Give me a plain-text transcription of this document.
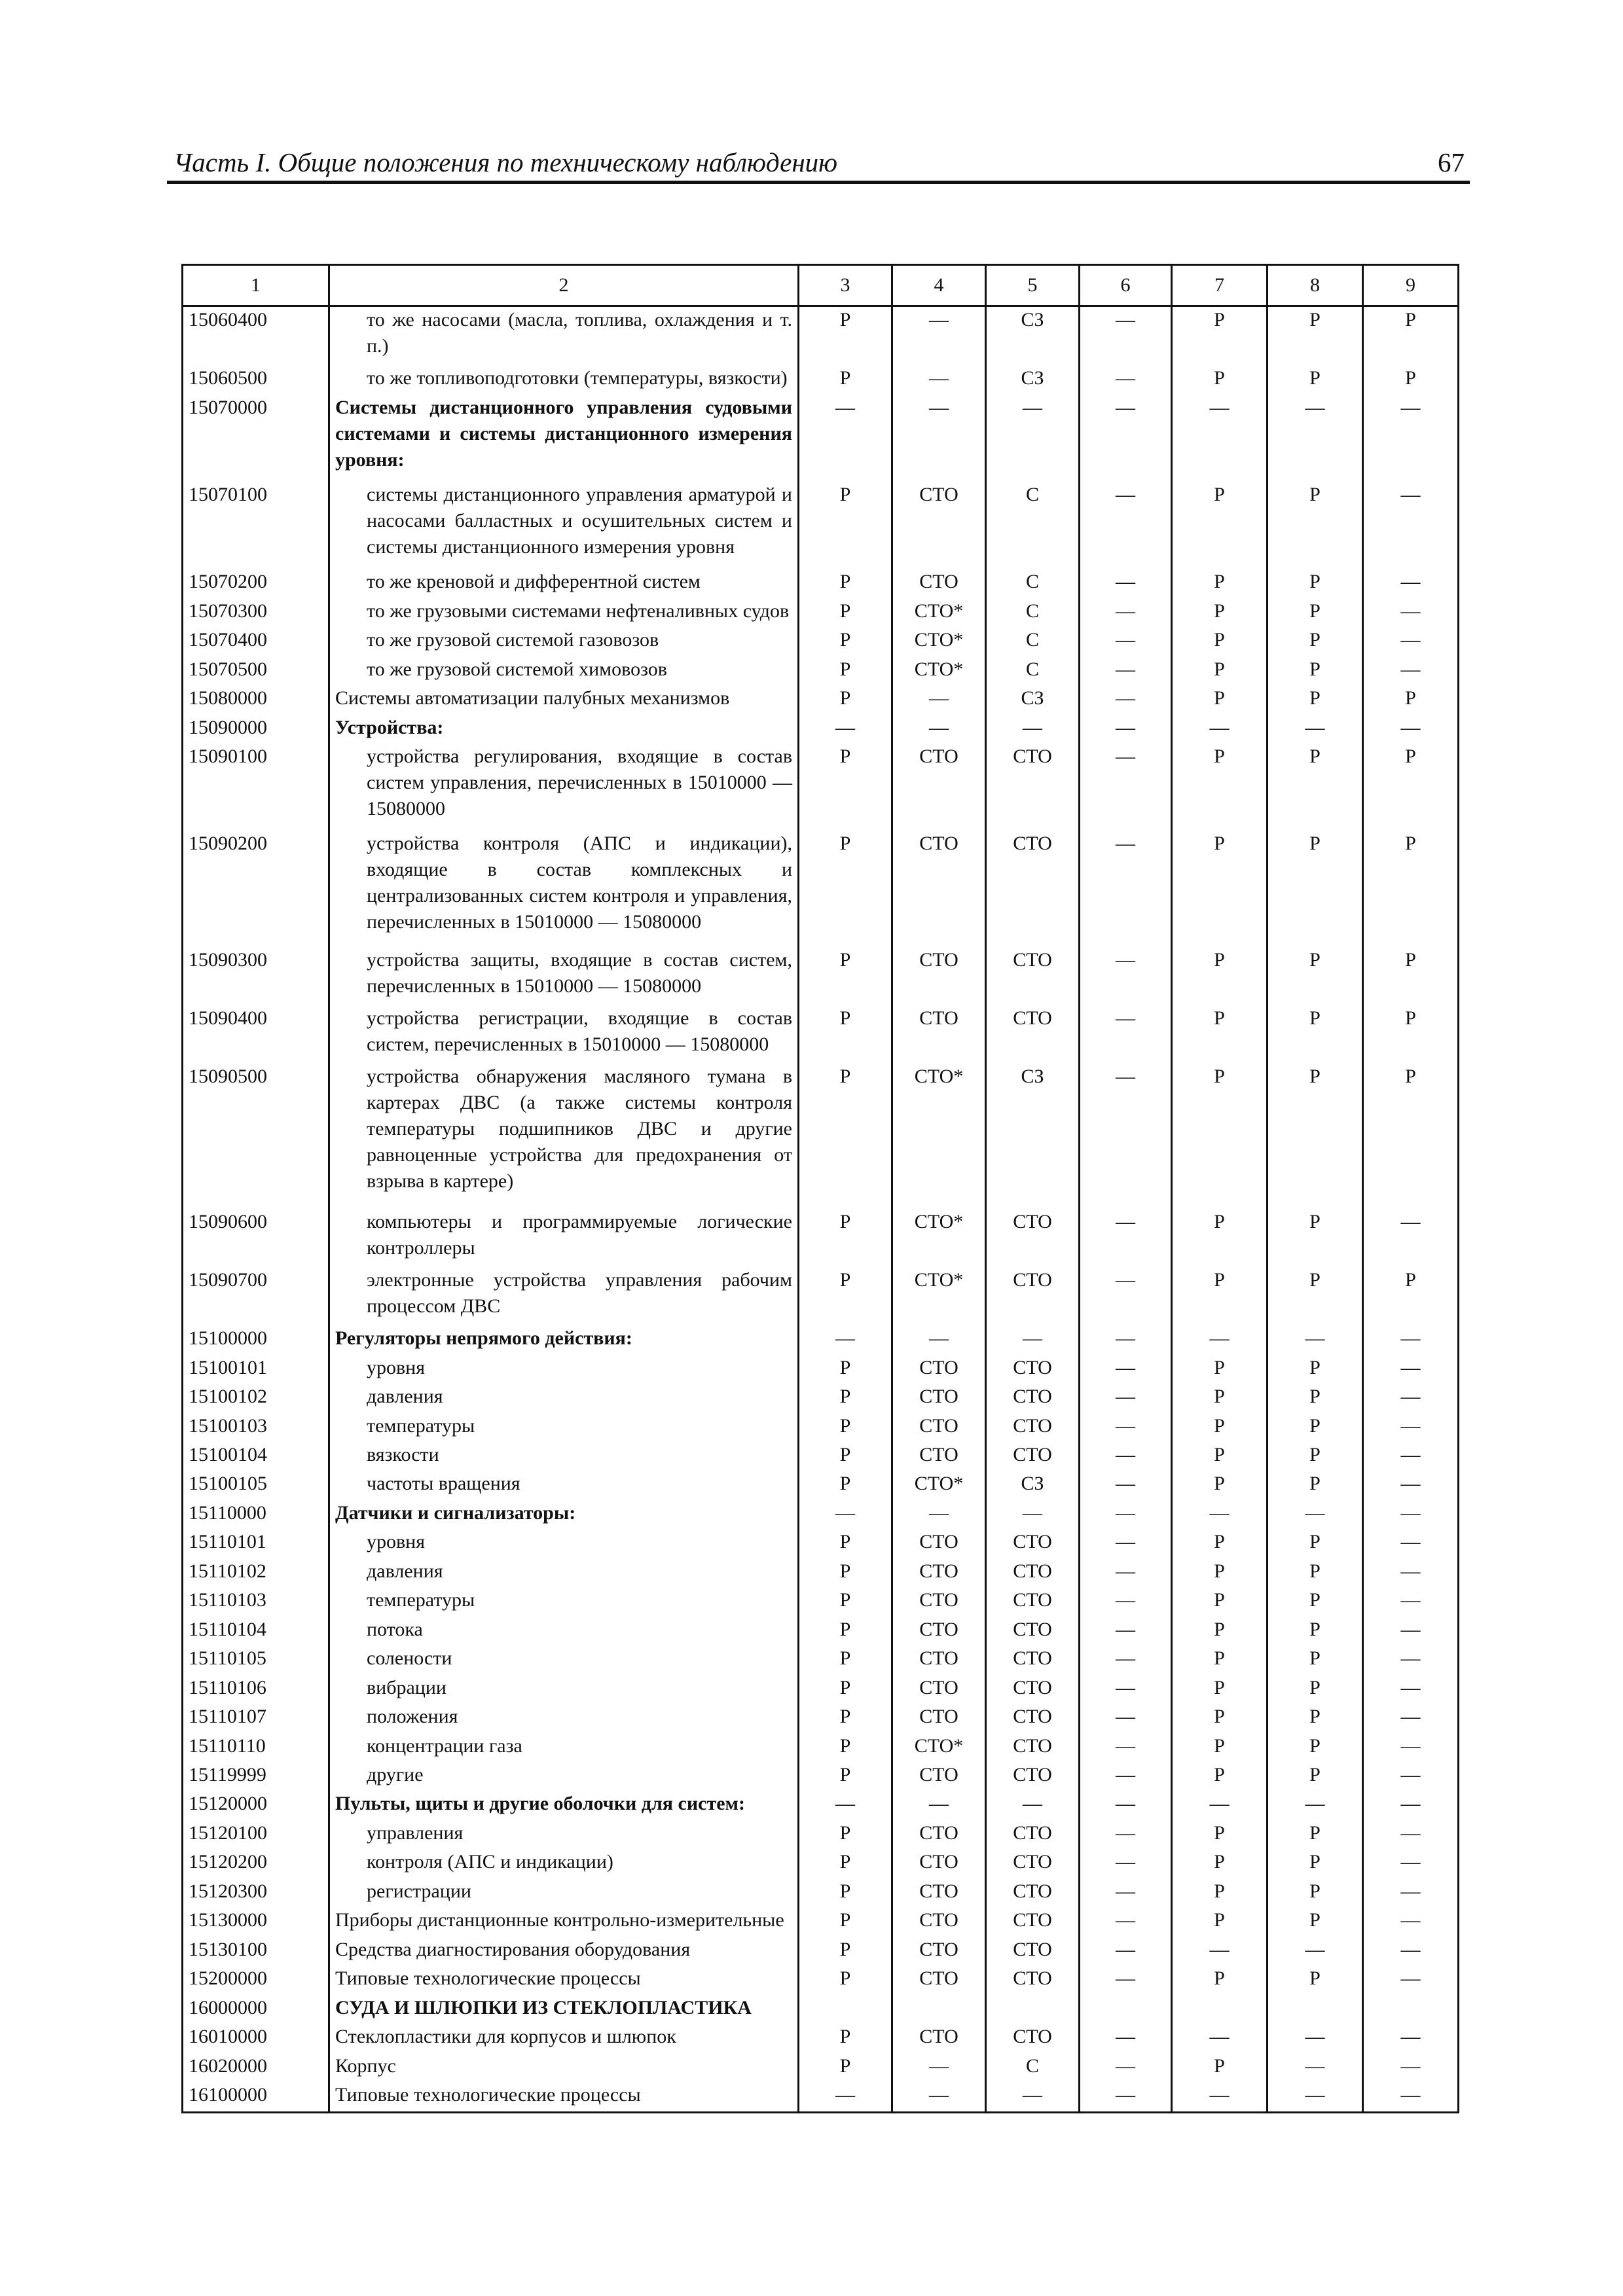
Часть I. Общие положения по техническому наблюдению	67
1	2	3	4	5	6	7	8	9
15060400	то же насосами (масла, топлива, охлаждения и т. п.)	Р	—	СЗ	—	Р	Р	Р
15060500	то же топливоподготовки (температуры, вязкости)	Р	—	СЗ	—	Р	Р	Р
15070000	Системы дистанционного управления судовыми системами и системы дистанционного измерения уровня:	—	—	—	—	—	—	—
15070100	системы дистанционного управления арматурой и насосами балластных и осушительных систем и системы дистанционного измерения уровня	Р	СТО	С	—	Р	Р	—
15070200	то же креновой и дифферентной систем	Р	СТО	С	—	Р	Р	—
15070300	то же грузовыми системами нефтеналивных судов	Р	СТО*	С	—	Р	Р	—
15070400	то же грузовой системой газовозов	Р	СТО*	С	—	Р	Р	—
15070500	то же грузовой системой химовозов	Р	СТО*	С	—	Р	Р	—
15080000	Системы автоматизации палубных механизмов	Р	—	СЗ	—	Р	Р	Р
15090000	Устройства:	—	—	—	—	—	—	—
15090100	устройства регулирования, входящие в состав систем управления, перечисленных в 15010000 — 15080000	Р	СТО	СТО	—	Р	Р	Р
15090200	устройства контроля (АПС и индикации), входящие в состав комплексных и централизованных систем контроля и управления, перечисленных в 15010000 — 15080000	Р	СТО	СТО	—	Р	Р	Р
15090300	устройства защиты, входящие в состав систем, перечисленных в 15010000 — 15080000	Р	СТО	СТО	—	Р	Р	Р
15090400	устройства регистрации, входящие в состав систем, перечисленных в 15010000 — 15080000	Р	СТО	СТО	—	Р	Р	Р
15090500	устройства обнаружения масляного тумана в картерах ДВС (а также системы контроля температуры подшипников ДВС и другие равноценные устройства для предохранения от взрыва в картере)	Р	СТО*	СЗ	—	Р	Р	Р
15090600	компьютеры и программируемые логические контроллеры	Р	СТО*	СТО	—	Р	Р	—
15090700	электронные устройства управления рабочим процессом ДВС	Р	СТО*	СТО	—	Р	Р	Р
15100000	Регуляторы непрямого действия:	—	—	—	—	—	—	—
15100101	уровня	Р	СТО	СТО	—	Р	Р	—
15100102	давления	Р	СТО	СТО	—	Р	Р	—
15100103	температуры	Р	СТО	СТО	—	Р	Р	—
15100104	вязкости	Р	СТО	СТО	—	Р	Р	—
15100105	частоты вращения	Р	СТО*	СЗ	—	Р	Р	—
15110000	Датчики и сигнализаторы:	—	—	—	—	—	—	—
15110101	уровня	Р	СТО	СТО	—	Р	Р	—
15110102	давления	Р	СТО	СТО	—	Р	Р	—
15110103	температуры	Р	СТО	СТО	—	Р	Р	—
15110104	потока	Р	СТО	СТО	—	Р	Р	—
15110105	солености	Р	СТО	СТО	—	Р	Р	—
15110106	вибрации	Р	СТО	СТО	—	Р	Р	—
15110107	положения	Р	СТО	СТО	—	Р	Р	—
15110110	концентрации газа	Р	СТО*	СТО	—	Р	Р	—
15119999	другие	Р	СТО	СТО	—	Р	Р	—
15120000	Пульты, щиты и другие оболочки для систем:	—	—	—	—	—	—	—
15120100	управления	Р	СТО	СТО	—	Р	Р	—
15120200	контроля (АПС и индикации)	Р	СТО	СТО	—	Р	Р	—
15120300	регистрации	Р	СТО	СТО	—	Р	Р	—
15130000	Приборы дистанционные контрольно-измерительные	Р	СТО	СТО	—	Р	Р	—
15130100	Средства диагностирования оборудования	Р	СТО	СТО	—	—	—	—
15200000	Типовые технологические процессы	Р	СТО	СТО	—	Р	Р	—
16000000	СУДА И ШЛЮПКИ ИЗ СТЕКЛОПЛАСТИКА							
16010000	Стеклопластики для корпусов и шлюпок	Р	СТО	СТО	—	—	—	—
16020000	Корпус	Р	—	С	—	Р	—	—
16100000	Типовые технологические процессы	—	—	—	—	—	—	—
